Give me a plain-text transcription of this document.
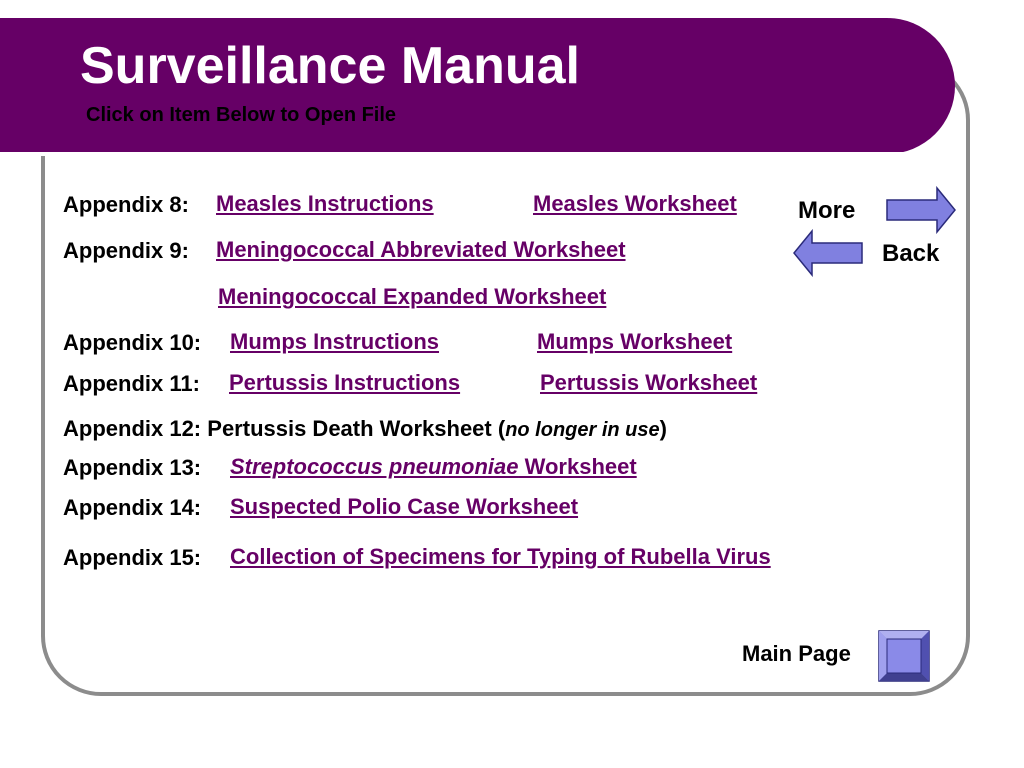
Surveillance Manual
Click on Item Below to Open File
Appendix 8: Measles Instructions	Measles Worksheet
Appendix 9: Meningococcal Abbreviated Worksheet
Meningococcal Expanded Worksheet
Appendix 10: Mumps Instructions	Mumps Worksheet
Appendix 11: Pertussis Instructions	Pertussis Worksheet
Appendix 12: Pertussis Death Worksheet (no longer in use)
Appendix 13: Streptococcus pneumoniae Worksheet
Appendix 14: Suspected Polio Case Worksheet
Appendix 15: Collection of Specimens for Typing of Rubella Virus
More
Back
Main Page
